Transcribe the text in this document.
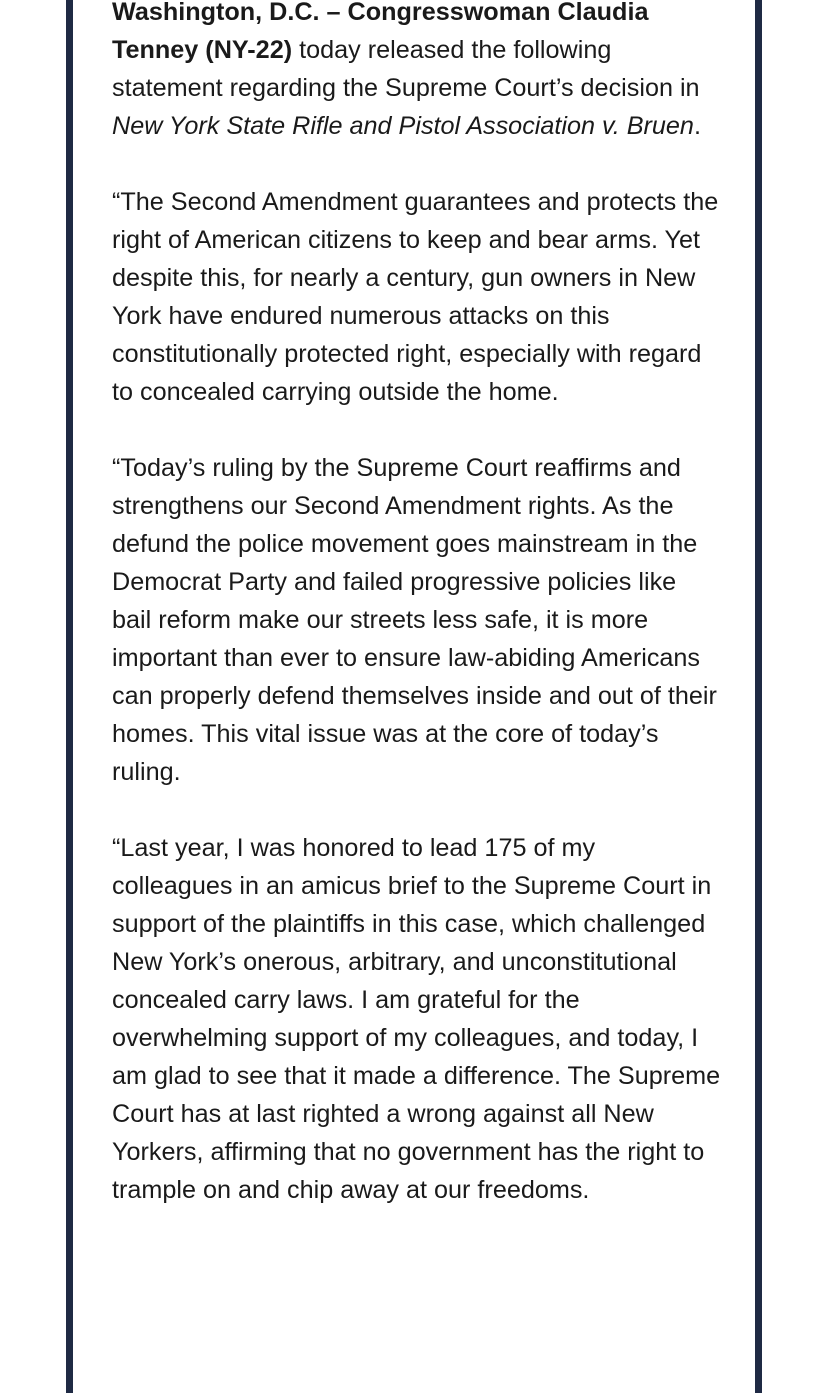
Washington, D.C. – Congresswoman Claudia Tenney (NY-22) today released the following statement regarding the Supreme Court’s decision in New York State Rifle and Pistol Association v. Bruen.

“The Second Amendment guarantees and protects the right of American citizens to keep and bear arms. Yet despite this, for nearly a century, gun owners in New York have endured numerous attacks on this constitutionally protected right, especially with regard to concealed carrying outside the home.

“Today’s ruling by the Supreme Court reaffirms and strengthens our Second Amendment rights. As the defund the police movement goes mainstream in the Democrat Party and failed progressive policies like bail reform make our streets less safe, it is more important than ever to ensure law-abiding Americans can properly defend themselves inside and out of their homes. This vital issue was at the core of today’s ruling.

“Last year, I was honored to lead 175 of my colleagues in an amicus brief to the Supreme Court in support of the plaintiffs in this case, which challenged New York’s onerous, arbitrary, and unconstitutional concealed carry laws. I am grateful for the overwhelming support of my colleagues, and today, I am glad to see that it made a difference. The Supreme Court has at last righted a wrong against all New Yorkers, affirming that no government has the right to trample on and chip away at our freedoms.
